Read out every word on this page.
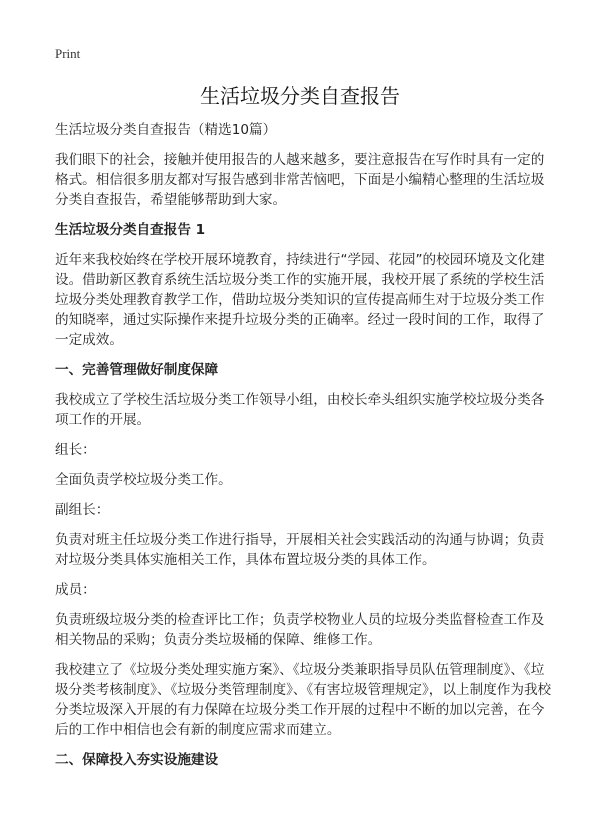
Print
生活垃圾分类自查报告

生活垃圾分类自查报告（精选10篇）

我们眼下的社会，接触并使用报告的人越来越多，要注意报告在写作时具有一定的格式。相信很多朋友都对写报告感到非常苦恼吧，下面是小编精心整理的生活垃圾分类自查报告，希望能够帮助到大家。

生活垃圾分类自查报告 1

近年来我校始终在学校开展环境教育，持续进行“学园、花园”的校园环境及文化建设。借助新区教育系统生活垃圾分类工作的实施开展，我校开展了系统的学校生活垃圾分类处理教育教学工作，借助垃圾分类知识的宣传提高师生对于垃圾分类工作的知晓率，通过实际操作来提升垃圾分类的正确率。经过一段时间的工作，取得了一定成效。

一、完善管理做好制度保障

我校成立了学校生活垃圾分类工作领导小组，由校长牵头组织实施学校垃圾分类各项工作的开展。

组长：

全面负责学校垃圾分类工作。

副组长：

负责对班主任垃圾分类工作进行指导，开展相关社会实践活动的沟通与协调；负责对垃圾分类具体实施相关工作，具体布置垃圾分类的具体工作。

成员：

负责班级垃圾分类的检查评比工作；负责学校物业人员的垃圾分类监督检查工作及相关物品的采购；负责分类垃圾桶的保障、维修工作。

我校建立了《垃圾分类处理实施方案》、《垃圾分类兼职指导员队伍管理制度》、《垃圾分类考核制度》、《垃圾分类管理制度》、《有害垃圾管理规定》，以上制度作为我校分类垃圾深入开展的有力保障在垃圾分类工作开展的过程中不断的加以完善，在今后的工作中相信也会有新的制度应需求而建立。

二、保障投入夯实设施建设
